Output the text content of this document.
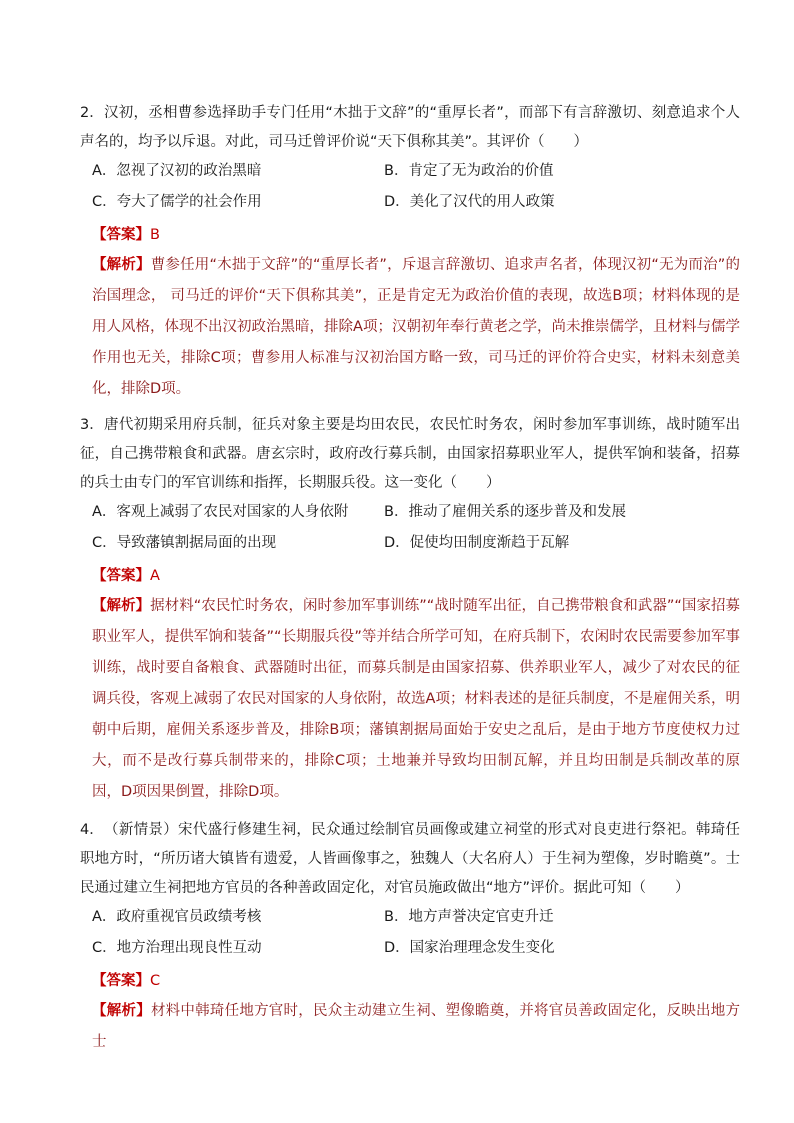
2．汉初，丞相曹参选择助手专门任用“木拙于文辞”的“重厚长者”，而部下有言辞激切、刻意追求个人声名的，均予以斥退。对此，司马迁曾评价说“天下俱称其美”。其评价（　　）

A．忽视了汉初的政治黑暗	B．肯定了无为政治的价值
C．夸大了儒学的社会作用	D．美化了汉代的用人政策
【答案】B
【解析】曹参任用“木拙于文辞”的“重厚长者”，斥退言辞激切、追求声名者，体现汉初“无为而治”的治国理念， 司马迁的评价“天下俱称其美”，正是肯定无为政治价值的表现，故选B项；材料体现的是用人风格，体现不出汉初政治黑暗，排除A项；汉朝初年奉行黄老之学，尚未推崇儒学，且材料与儒学作用也无关，排除C项；曹参用人标准与汉初治国方略一致，司马迁的评价符合史实，材料未刻意美化，排除D项。

3．唐代初期采用府兵制，征兵对象主要是均田农民，农民忙时务农，闲时参加军事训练，战时随军出征，自己携带粮食和武器。唐玄宗时，政府改行募兵制，由国家招募职业军人，提供军饷和装备，招募的兵士由专门的军官训练和指挥，长期服兵役。这一变化（　　）

A．客观上减弱了农民对国家的人身依附	B．推动了雇佣关系的逐步普及和发展
C．导致藩镇割据局面的出现	D．促使均田制度渐趋于瓦解
【答案】A
【解析】据材料“农民忙时务农，闲时参加军事训练”“战时随军出征，自己携带粮食和武器”“国家招募职业军人，提供军饷和装备”“长期服兵役”等并结合所学可知，在府兵制下，农闲时农民需要参加军事训练，战时要自备粮食、武器随时出征，而募兵制是由国家招募、供养职业军人，减少了对农民的征调兵役，客观上减弱了农民对国家的人身依附，故选A项；材料表述的是征兵制度，不是雇佣关系，明朝中后期，雇佣关系逐步普及，排除B项；藩镇割据局面始于安史之乱后，是由于地方节度使权力过大，而不是改行募兵制带来的，排除C项；土地兼并导致均田制瓦解，并且均田制是兵制改革的原因，D项因果倒置，排除D项。

4．（新情景）宋代盛行修建生祠，民众通过绘制官员画像或建立祠堂的形式对良吏进行祭祀。韩琦任职地方时，“所历诸大镇皆有遗爱，人皆画像事之，独魏人（大名府人）于生祠为塑像，岁时瞻奠”。士民通过建立生祠把地方官员的各种善政固定化，对官员施政做出“地方”评价。据此可知（　　）

A．政府重视官员政绩考核	B．地方声誉决定官吏升迁
C．地方治理出现良性互动	D．国家治理理念发生变化
【答案】C
【解析】材料中韩琦任地方官时，民众主动建立生祠、塑像瞻奠，并将官员善政固定化，反映出地方士
